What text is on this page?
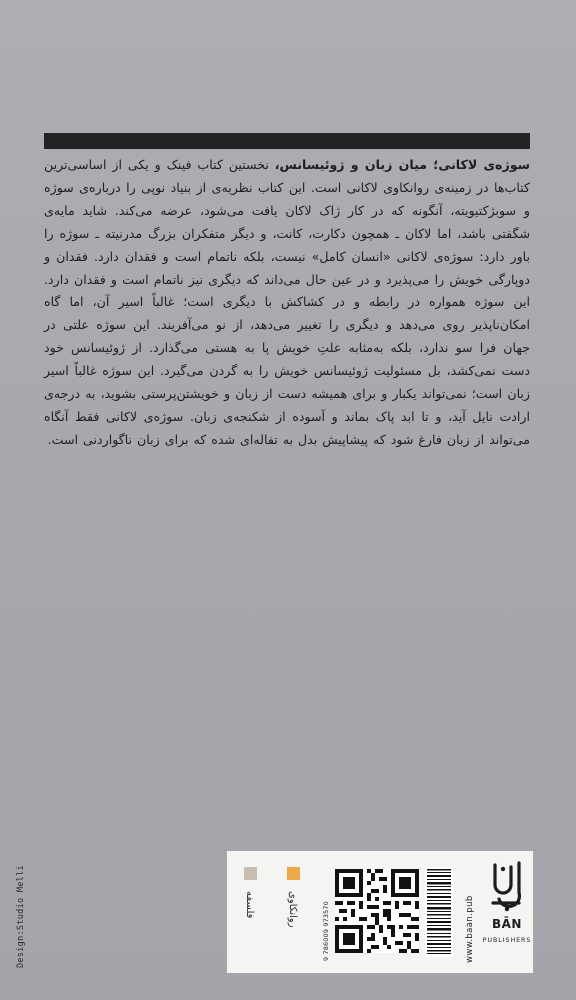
سوژه‌ی لاکانی؛ میان زبان و ژوئیسانس، نخستین کتاب فینک و یکی از اساسی‌ترین کتاب‌ها در زمینه‌ی روانکاوی لاکانی است. این کتاب نظریه‌ی از بنیاد نوپی را درباره‌ی سوژه و سوبژکتیویته، آنگونه که در کار ژاک لاکان یافت می‌شود، عرضه می‌کند. شاید مایه‌ی شگفتی باشد، اما لاکان ـ همچون دکارت، کانت، و دیگر متفکران بزرگ مدرنیته ـ سوژه را باور دارد: سوژه‌ی لاکانی «انسان کامل» نیست، بلکه ناتمام است و فقدان دارد. فقدان و دوپارگی خویش را می‌پذیرد و در عین حال می‌داند که دیگری نیز ناتمام است و فقدان دارد. این سوژه همواره در رابطه و در کشاکش با دیگری است؛ غالباً اسیر آن، اما گاه امکان‌ناپذیر روی می‌دهد و دیگری را تغییر می‌دهد، از نو می‌آفریند. این سوژه علتی در جهان فرا سو ندارد، بلکه به‌مثابه علتِ خویش پا به هستی می‌گذارد. از ژوئیسانس خود دست نمی‌کشد، بل مسئولیت ژوئیسانس خویش را به گردن می‌گیرد. این سوژه غالباً اسیر زبان است؛ نمی‌تواند یکبار و برای همیشه دست از زبان و خویشتن‌پرستی بشوید، به درجه‌ی ارادت نایل آید، و تا ابد پاک بماند و آسوده از شکنجه‌ی زبان. سوژه‌ی لاکانی فقط آنگاه می‌تواند از زبان فارغ شود که پیشاپیش بدل به تفاله‌ای شده که برای زبان ناگواردنی است.

Design:Studio Melli	فلسفه	روانکاوی	9 786009 973570	www.baan.pub	BĀN
PUBLISHERS
